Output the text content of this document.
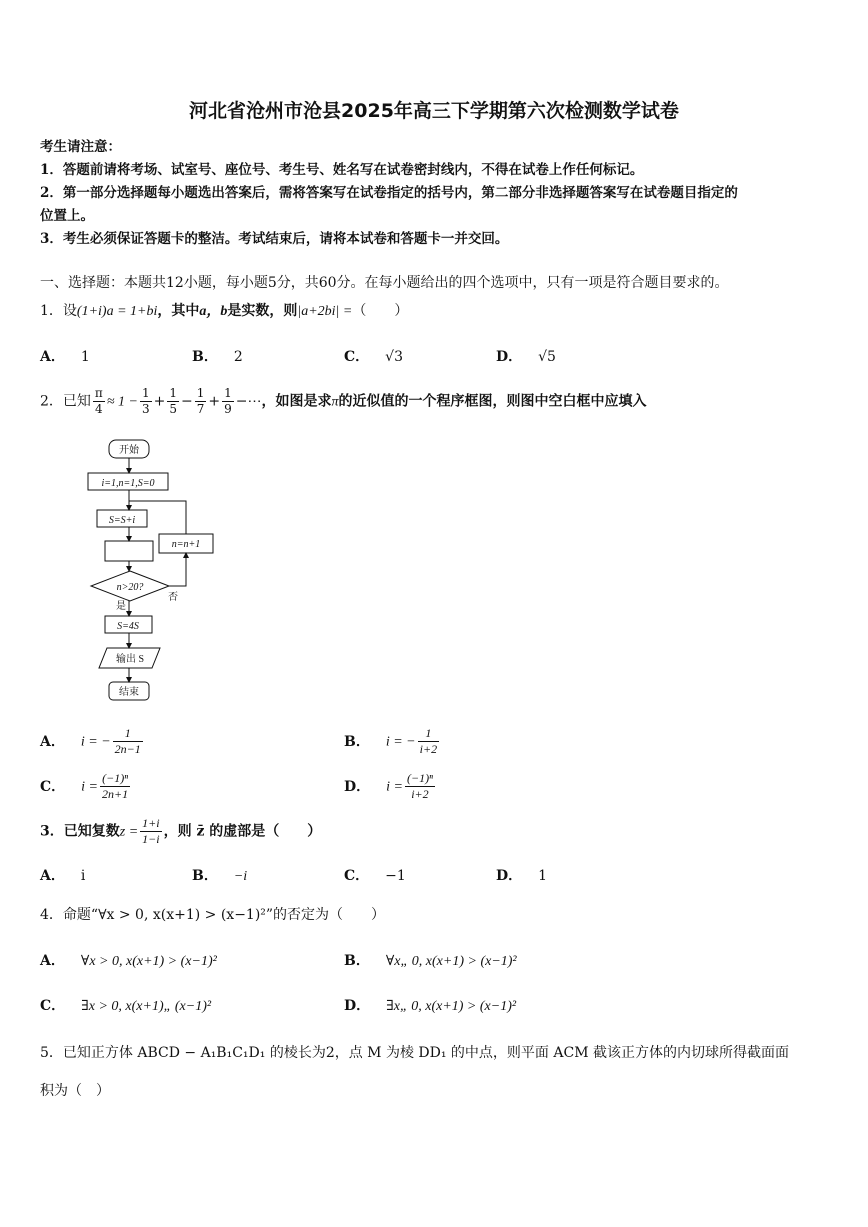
河北省沧州市沧县2025年高三下学期第六次检测数学试卷
考生请注意：
1．答题前请将考场、试室号、座位号、考生号、姓名写在试卷密封线内，不得在试卷上作任何标记。
2．第一部分选择题每小题选出答案后，需将答案写在试卷指定的括号内，第二部分非选择题答案写在试卷题目指定的
位置上。
3．考生必须保证答题卡的整洁。考试结束后，请将本试卷和答题卡一并交回。
一、选择题：本题共12小题，每小题5分，共60分。在每小题给出的四个选项中，只有一项是符合题目要求的。
1．设(1+i)a = 1+bi，其中a，b是实数，则|a+2bi| =（　　）
A． 1	B． 2	C． √3	D． √5
2．已知 $\frac{\pi}{4} \approx 1 - \frac{1}{3} + \frac{1}{5} - \frac{1}{7} + \frac{1}{9}$ −⋯，如图是求π的近似值的一个程序框图，则图中空白框中应填入
开始
i=1,n=1,S=0
S=S+i
n=n+1
n>20?
是
否
S=4S
输出 S
结束
A． i = − $\frac{1}{2n-1}$	B． i = − $\frac{1}{i+2}$
C． $i = \frac{\text{(−1)ⁿ}}{2n+1}$	D． $i = \frac{\text{(−1)ⁿ}}{i+2}$
3．已知复数$z = \frac{1+i}{1-i}$ ，则 z̄ 的虚部是（　　）
A． i	B． −i	C． −1	D． 1
4．命题“∀x > 0, x(x+1) > (x−1)²”的否定为（　　）
A． ∀x > 0, x(x+1) > (x−1)²	B． ∀x„ 0, x(x+1) > (x−1)²
C． ∃x > 0, x(x+1)„ (x−1)²	D． ∃x„ 0, x(x+1) > (x−1)²
5．已知正方体 ABCD − A₁B₁C₁D₁ 的棱长为2，点 M 为棱 DD₁ 的中点，则平面 ACM 截该正方体的内切球所得截面面
积为（　）
